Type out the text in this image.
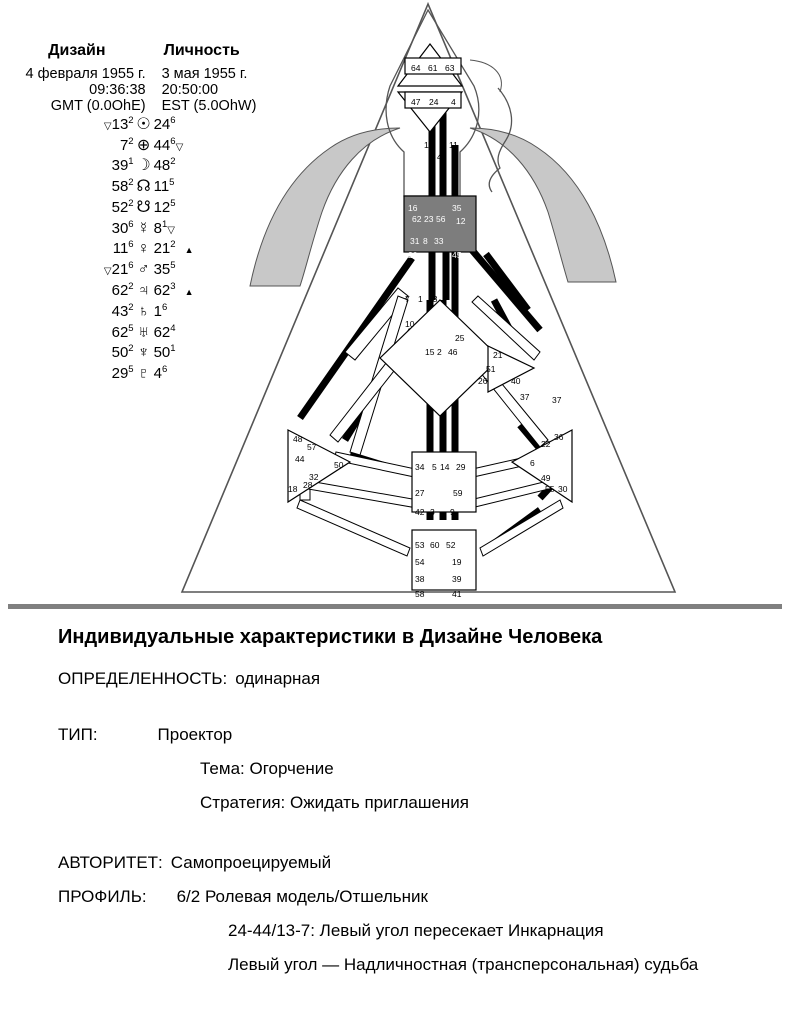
64 61 63
47 24 4
17 11
43
16	35
62 23 56 12
31 8 33
20	45
7 1 13
10
25
15 2 46	21
51
26	40
37
48
57
44
50
32
18 28
36
22
6
49
55 30
37
34 5 14 29
27	59
42 3 9
53 60 52
54	19
38	39
58	41
Дизайн	Личность
4 февраля 1955 г.	3 мая 1955 г.
09:36:38	20:50:00
GMT (0.0OhE)	EST (5.0OhW)
$▽13^2$ ☉	$24^6$
$7^2$ ⊕	$44^6▽$
$39^1$ ☽	$48^2$
$58^2$ ☊	$11^5$
$52^2$ ☋	$12^5$
$30^6$ ☿	$8^1▽$
$11^6$ ♀	$21^2$ ▲
$▽21^6$ ♂	$35^5$
$62^2$ ♃	$62^3$ ▲
$43^2$ ♄	$1^6$
$62^5$ ♅	$62^4$
$50^2$ ♆	$50^1$
$29^5$ ♇	$4^6$
Индивидуальные характеристики в Дизайне Человека

ОПРЕДЕЛЕННОСТЬ: одинарная

ТИП:	Проектор

Тема: Огорчение

Стратегия: Ожидать приглашения

АВТОРИТЕТ: Самопроецируемый

ПРОФИЛЬ: 6/2 Ролевая модель/Отшельник

24-44/13-7: Левый угол пересекает Инкарнация

Левый угол — Надличностная (трансперсональная) судьба
